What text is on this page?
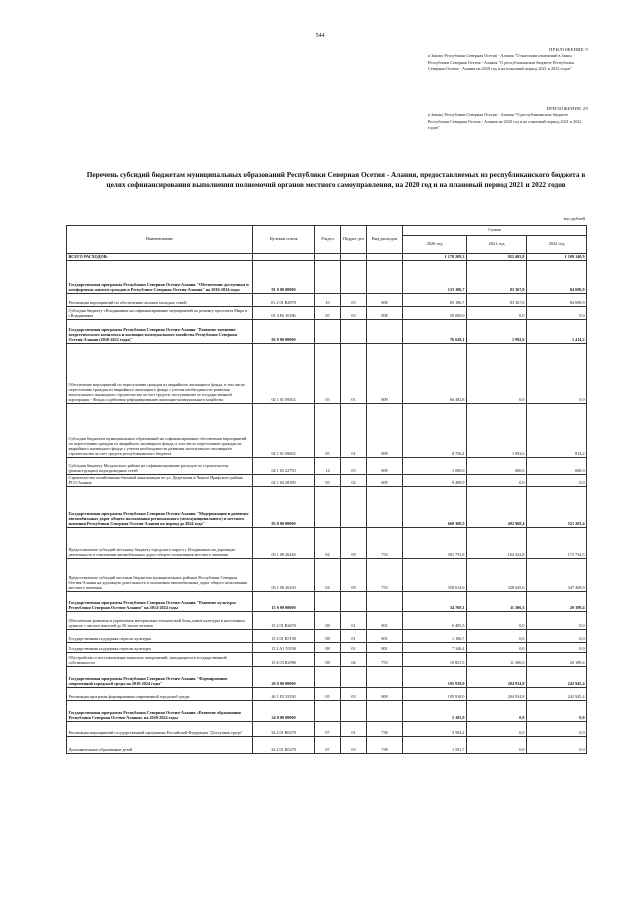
544
ПРИЛОЖЕНИЕ 9
к Закону Республики Северная Осетия - Алания "О внесении изменений в Закон Республики Северная Осетия - Алания "О республиканском бюджете Республики Северная Осетия - Алания на 2020 год и на плановый период 2021 и 2022 годов"
ПРИЛОЖЕНИЕ 29
к Закону Республики Северная Осетия - Алания "О республиканском бюджете Республики Северная Осетия - Алания на 2020 год и на плановый период 2021 и 2022 годов"
Перечень субсидий бюджетам муниципальных образований Республики Северная Осетия - Алания, предоставляемых из республиканского бюджета в целях софинансирования выполнения полномочий органов местного самоуправления, на 2020 год и на плановый период 2021 и 2022 годов
тыс.рублей
Наименование	Целевая статья	Раздел	Подраз-дел	Вид расходов	Сумма		
					2020 год	2021 год	2022 год
ВСЕГО РАСХОДОВ:					1 178 209,3	922 405,8	1 109 140,9
Государственная программа Республики Северная Осетия-Алания "Обеспечение доступным и комфортным жильем граждан в Республике Северная Осетия-Алания" на 2016-2024 годы	01 0 00 00000				133 186,7	83 367,0	84 690,9
Реализация мероприятий по обеспечению жильем молодых семей	01 2 01 R4970	10	03	808	83 186,7	83 367,0	84 690,9
Субсидия бюджету г.Владикавказ на софинансирование мероприятий по ремонту проспекта Мира в г.Владикавказ	01 4 F6 10186	05	03	808	50 000,0	0,0	0,0
Государственная программа Республики Северная Осетия-Алания "Развитие топливно-энергетического комплекса и жилищно-коммунального хозяйства Республики Северная Осетия-Алания (2020-2022 годы)"	02 0 00 00000				76 628,1	1 992,6	1 414,2
Обеспечение мероприятий по переселению граждан из аварийного жилищного фонда, в том числе переселению граждан из аварийного жилищного фонда с учетом необходимости развития малоэтажного жилищного строительства за счет средств, поступивших от государственной корпорации - Фонда содействия реформированию жилищно-коммунального хозяйства	02 1 01 09502	05	01	809	66 492,8	0,0	0,0
Субсидия бюджетам муниципальных образований на софинансирование обеспечения мероприятий по переселению граждан из аварийного жилищного фонда, в том числе переселению граждан из аварийного жилищного фонда с учетом необходимости развития малоэтажного жилищного строительства за счет средств республиканского бюджета	02 1 01 09602	05	01	809	8 756,4	1 992,6	814,2
Субсидия бюджету Моздокского района на софинансирование расходов по строительству (реконструкции) водопроводных сетей	02 1 03 22750	14	03	809	1 000,0	600,0	600,0
Строительство хозяйственно-бытовой канализации по ул. Дедегкаева в Чиколе Ирафского района РСО-Алания	02 1 04 28189	05	02	809	9 498,9	0,0	0,0
Государственная программа Республики Северная Осетия-Алания "Модернизация и развитие автомобильных дорог общего пользования регионального (межмуниципального) и местного значения Республики Северная Осетия-Алания на период до 2024 года"	03 0 00 00000				660 368,5	492 968,4	521 203,4
Предоставление субсидий местному бюджету городского округа г. Владикавказ на дорожную деятельность в отношении автомобильных дорог общего пользования местного значения	03 1 08 26240	04	09	753	301 753,8	164 322,8	173 734,5
Предоставление субсидий местным бюджетам муниципальных районов Республики Северная Осетия-Алания на дорожную деятельность в отношении автомобильных дорог общего пользования местного значения	03 1 08 26250	04	09	753	358 614,6	328 645,6	347 468,9
Государственная программа Республики Северная Осетия-Алания "Развитие культуры Республики Северная Осетия-Алания" на 2014-2024 годы	15 0 00 00000				34 760,1	11 306,5	20 189,4
Обеспечение развития и укрепления материально-технической базы домов культуры в населенных пунктах с числом жителей до 50 тысяч человек	15 2 01 R4670	08	01	801	6 405,5	0,0	0,0
Государственная поддержка отрасли культуры	15 2 01 R5190	08	01	801	1 106,7	0,0	0,0
Государственная поддержка отрасли культуры	15 2 A1 55190	08	01	801	7 346,4	0,0	0,0
Обустройство и восстановление воинских захоронений, находящихся в государственной собственности	15 4 03 R2990	08	04	753	19 821,5	11 306,5	20 189,4
Государственная программа Республики Северная Осетия-Алания "Формирование современной городской среды на 2018-2024 годы"	26 0 00 00000				195 918,0	204 934,8	242 945,4
Реализация программ формирования современной городской среды	26 1 F2 55550	05	03	809	195 918,0	204 934,8	242 945,4
Государственная программа Республики Северная Осетия-Алания «Развитие образования Республики Северная Осетия-Алания» на 2020-2024 годы	34 0 00 00000				5 185,9	0,0	0,0
Реализация мероприятий государственной программы Российской Федерации "Доступная среда"	34 2 01 R0270	07	01	738	3 594,2	0,0	0,0
Дополнительное образование детей	34 2 01 R0270	07	03	738	1 591,7	0,0	0,0
